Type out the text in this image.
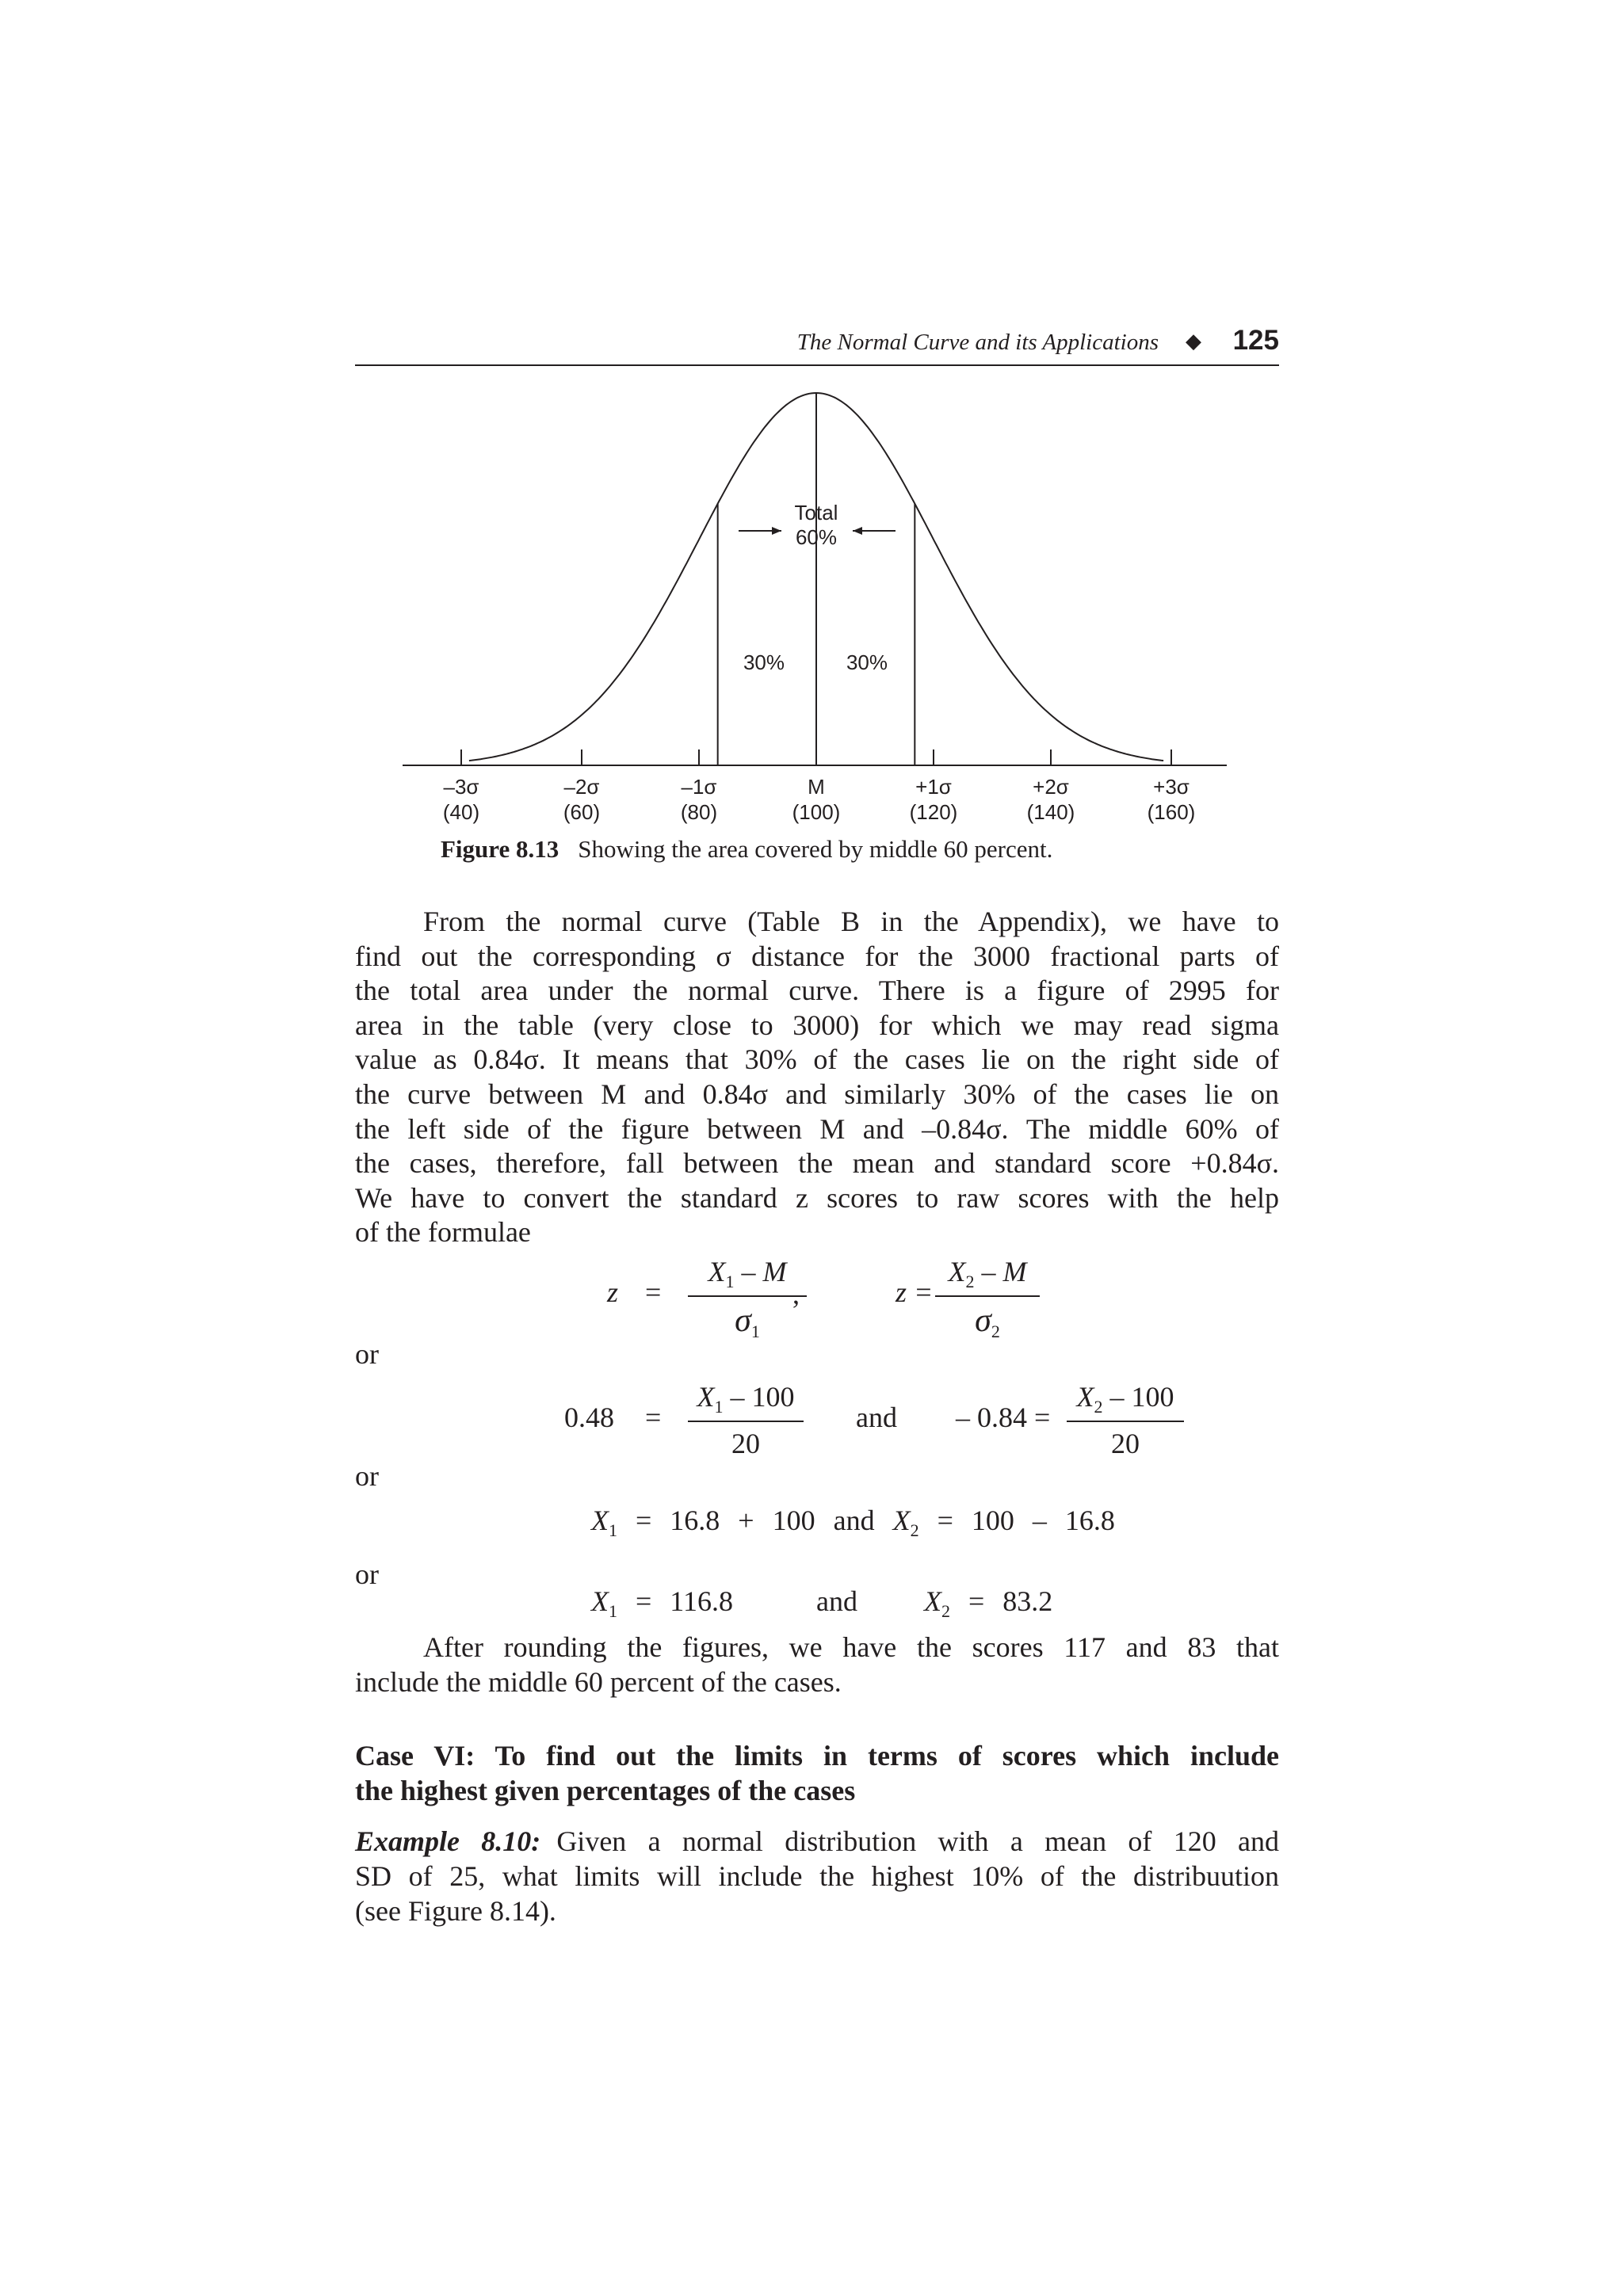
The Normal Curve and its Applications ◆ 125
–3σ
(40)
–2σ
(60)
–1σ
(80)
M
(100)
+1σ
(120)
+2σ
(140)
+3σ
(160)
30%	30%
Total
60%
Figure 8.13 Showing the area covered by middle 60 percent.
From the normal curve (Table B in the Appendix), we have to
find out the corresponding σ distance for the 3000 fractional parts of
the total area under the normal curve. There is a figure of 2995 for
area in the table (very close to 3000) for which we may read sigma
value as 0.84σ. It means that 30% of the cases lie on the right side of
the curve between M and 0.84σ and similarly 30% of the cases lie on
the left side of the figure between M and –0.84σ. The middle 60% of
the cases, therefore, fall between the mean and standard score +0.84σ.
We have to convert the standard z scores to raw scores with the help
of the formulae
$z = \frac{X_1 - M}{\sigma_1}$
,	$z = \frac{X_2 - M}{\sigma_2}$
or
$0.48 = \frac{X_1 - 100}{20}$ and – $0.84 = \frac{X_2 - 100}{20}$
or
$X_1 = 16.8 + 100$ and $X_2 = 100 - 16.8$
or
$X_1 = 116.8$	and $X_2 = 83.2$
After rounding the figures, we have the scores 117 and 83 that
include the middle 60 percent of the cases.
Case VI: To find out the limits in terms of scores which include
the highest given percentages of the cases
Example 8.10: Given a normal distribution with a mean of 120 and
SD of 25, what limits will include the highest 10% of the distribuution
(see Figure 8.14).
